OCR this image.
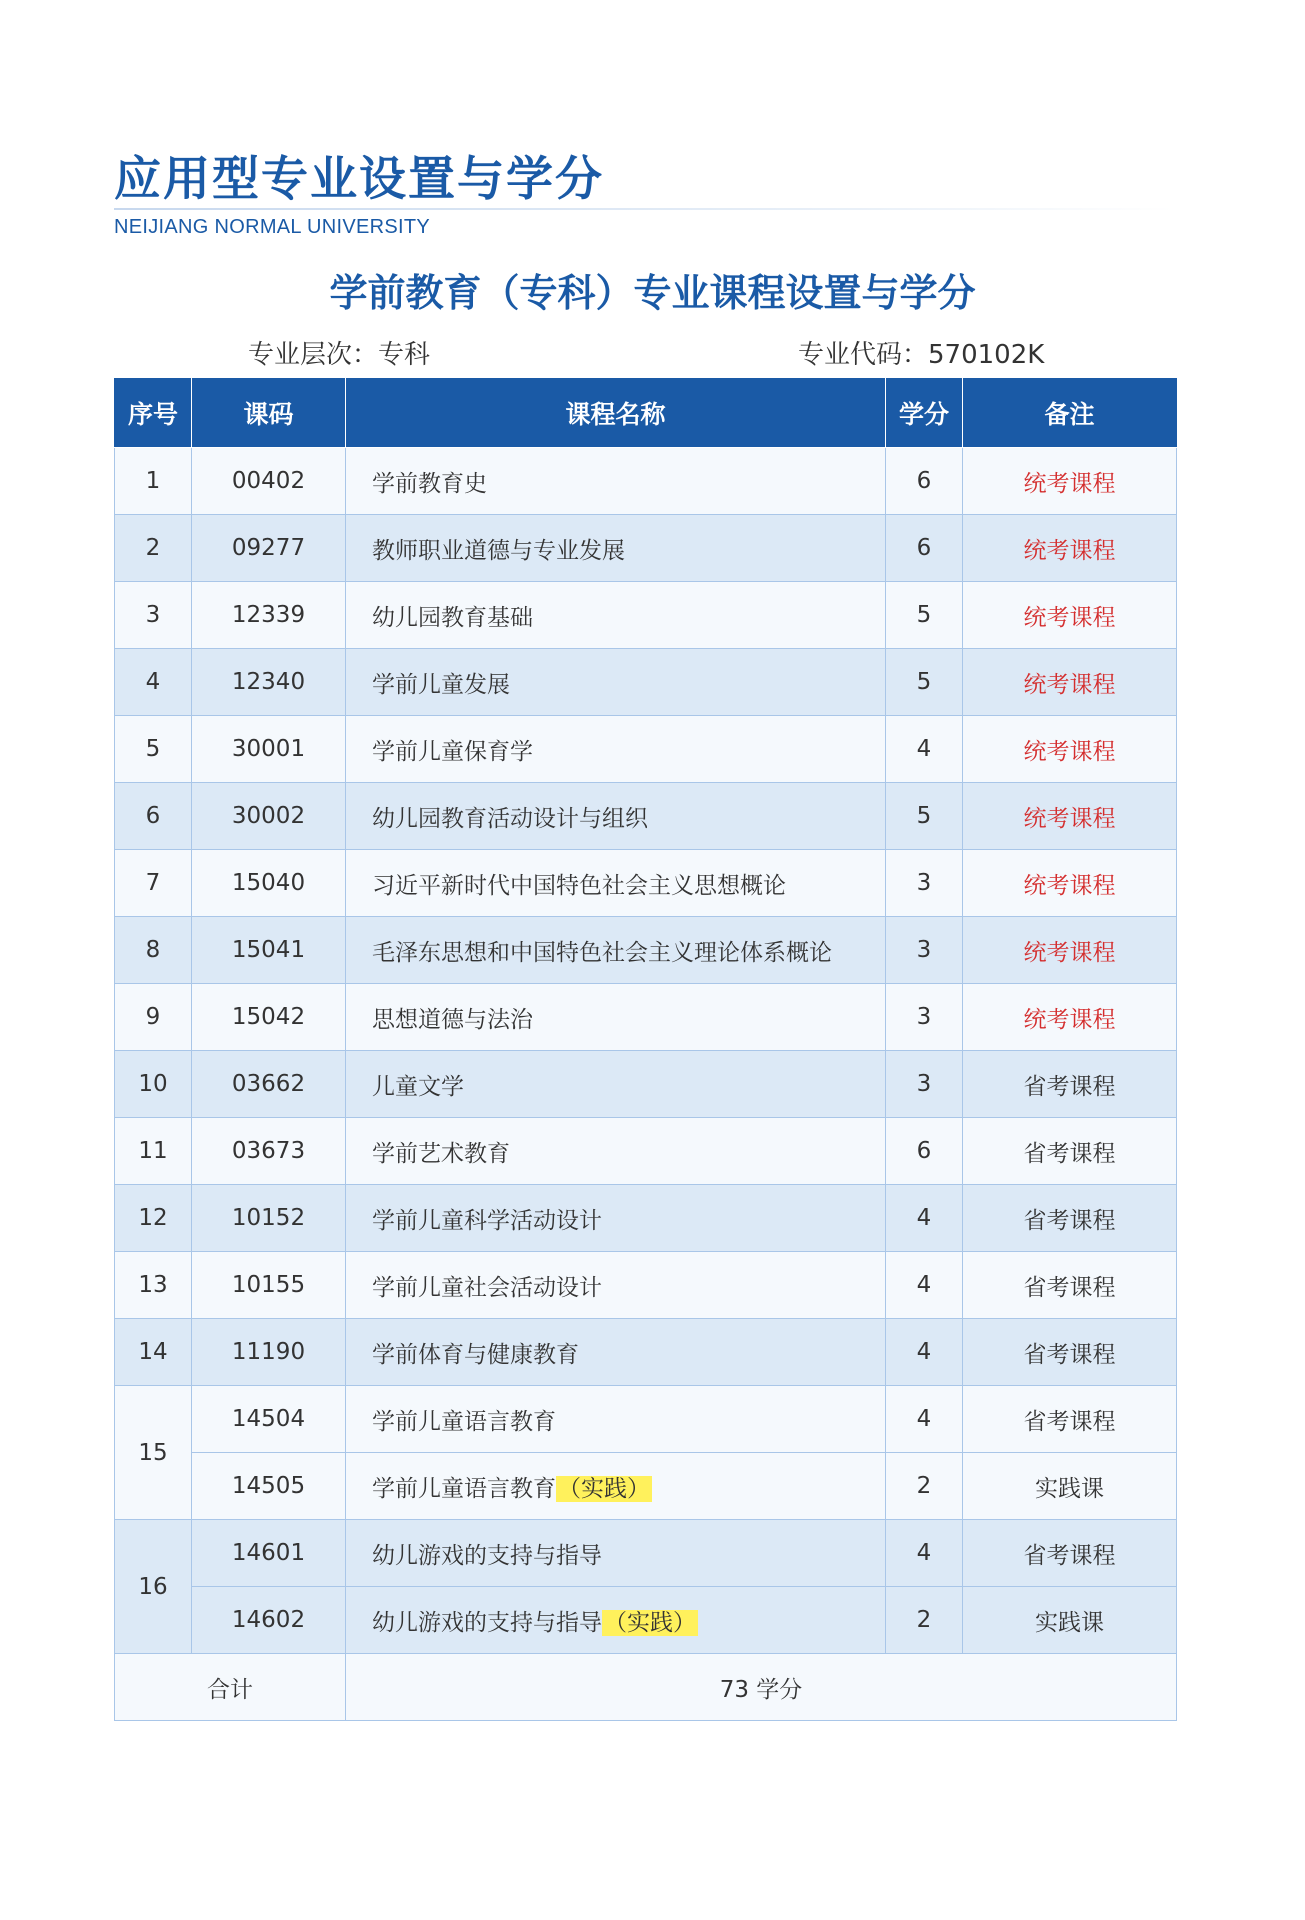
应用型专业设置与学分
NEIJIANG NORMAL UNIVERSITY
学前教育（专科）专业课程设置与学分
专业层次：专科	专业代码：570102K
序号	课码	课程名称	学分	备注
1	00402	学前教育史	6	统考课程
2	09277	教师职业道德与专业发展	6	统考课程
3	12339	幼儿园教育基础	5	统考课程
4	12340	学前儿童发展	5	统考课程
5	30001	学前儿童保育学	4	统考课程
6	30002	幼儿园教育活动设计与组织	5	统考课程
7	15040	习近平新时代中国特色社会主义思想概论	3	统考课程
8	15041	毛泽东思想和中国特色社会主义理论体系概论	3	统考课程
9	15042	思想道德与法治	3	统考课程
10	03662	儿童文学	3	省考课程
11	03673	学前艺术教育	6	省考课程
12	10152	学前儿童科学活动设计	4	省考课程
13	10155	学前儿童社会活动设计	4	省考课程
14	11190	学前体育与健康教育	4	省考课程
15	14504	学前儿童语言教育	4	省考课程
	14505	学前儿童语言教育（实践）	2	实践课
16	14601	幼儿游戏的支持与指导	4	省考课程
	14602	幼儿游戏的支持与指导（实践）	2	实践课
合计		73 学分		
